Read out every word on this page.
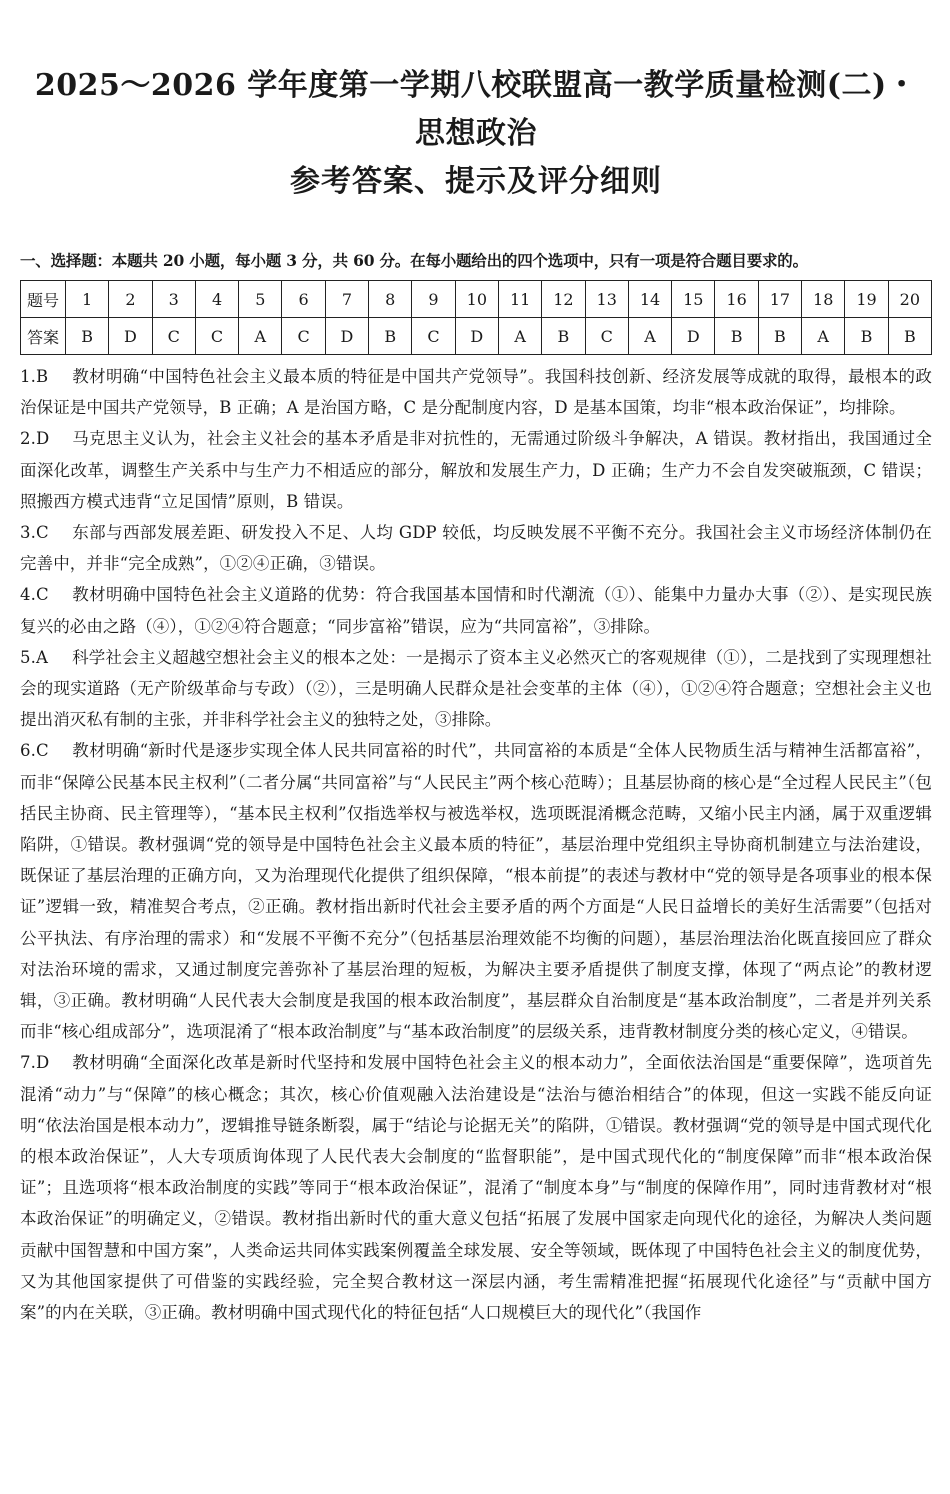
2025～2026 学年度第一学期八校联盟高一教学质量检测(二)・思想政治
参考答案、提示及评分细则
一、选择题：本题共 20 小题，每小题 3 分，共 60 分。在每小题给出的四个选项中，只有一项是符合题目要求的。
题号	1	2	3	4	5	6	7	8	9	10	11	12	13	14	15	16	17	18	19	20
答案	B	D	C	C	A	C	D	B	C	D	A	B	C	A	D	B	B	A	B	B
1.B 教材明确“中国特色社会主义最本质的特征是中国共产党领导”。我国科技创新、经济发展等成就的取得，最根本的政治保证是中国共产党领导，B 正确；A 是治国方略，C 是分配制度内容，D 是基本国策，均非“根本政治保证”，均排除。
2.D 马克思主义认为，社会主义社会的基本矛盾是非对抗性的，无需通过阶级斗争解决，A 错误。教材指出，我国通过全面深化改革，调整生产关系中与生产力不相适应的部分，解放和发展生产力，D 正确；生产力不会自发突破瓶颈，C 错误；照搬西方模式违背“立足国情”原则，B 错误。
3.C 东部与西部发展差距、研发投入不足、人均 GDP 较低，均反映发展不平衡不充分。我国社会主义市场经济体制仍在完善中，并非“完全成熟”，①②④正确，③错误。
4.C 教材明确中国特色社会主义道路的优势：符合我国基本国情和时代潮流（①）、能集中力量办大事（②）、是实现民族复兴的必由之路（④），①②④符合题意；“同步富裕”错误，应为“共同富裕”，③排除。
5.A 科学社会主义超越空想社会主义的根本之处：一是揭示了资本主义必然灭亡的客观规律（①），二是找到了实现理想社会的现实道路（无产阶级革命与专政）（②），三是明确人民群众是社会变革的主体（④），①②④符合题意；空想社会主义也提出消灭私有制的主张，并非科学社会主义的独特之处，③排除。
6.C 教材明确“新时代是逐步实现全体人民共同富裕的时代”，共同富裕的本质是“全体人民物质生活与精神生活都富裕”，而非“保障公民基本民主权利”（二者分属“共同富裕”与“人民民主”两个核心范畴）；且基层协商的核心是“全过程人民民主”（包括民主协商、民主管理等），“基本民主权利”仅指选举权与被选举权，选项既混淆概念范畴，又缩小民主内涵，属于双重逻辑陷阱，①错误。教材强调“党的领导是中国特色社会主义最本质的特征”，基层治理中党组织主导协商机制建立与法治建设，既保证了基层治理的正确方向，又为治理现代化提供了组织保障，“根本前提”的表述与教材中“党的领导是各项事业的根本保证”逻辑一致，精准契合考点，②正确。教材指出新时代社会主要矛盾的两个方面是“人民日益增长的美好生活需要”（包括对公平执法、有序治理的需求）和“发展不平衡不充分”（包括基层治理效能不均衡的问题），基层治理法治化既直接回应了群众对法治环境的需求，又通过制度完善弥补了基层治理的短板，为解决主要矛盾提供了制度支撑，体现了“两点论”的教材逻辑，③正确。教材明确“人民代表大会制度是我国的根本政治制度”，基层群众自治制度是“基本政治制度”，二者是并列关系而非“核心组成部分”，选项混淆了“根本政治制度”与“基本政治制度”的层级关系，违背教材制度分类的核心定义，④错误。
7.D 教材明确“全面深化改革是新时代坚持和发展中国特色社会主义的根本动力”，全面依法治国是“重要保障”，选项首先混淆“动力”与“保障”的核心概念；其次，核心价值观融入法治建设是“法治与德治相结合”的体现，但这一实践不能反向证明“依法治国是根本动力”，逻辑推导链条断裂，属于“结论与论据无关”的陷阱，①错误。教材强调“党的领导是中国式现代化的根本政治保证”，人大专项质询体现了人民代表大会制度的“监督职能”，是中国式现代化的“制度保障”而非“根本政治保证”；且选项将“根本政治制度的实践”等同于“根本政治保证”，混淆了“制度本身”与“制度的保障作用”，同时违背教材对“根本政治保证”的明确定义，②错误。教材指出新时代的重大意义包括“拓展了发展中国家走向现代化的途径，为解决人类问题贡献中国智慧和中国方案”，人类命运共同体实践案例覆盖全球发展、安全等领域，既体现了中国特色社会主义的制度优势，又为其他国家提供了可借鉴的实践经验，完全契合教材这一深层内涵，考生需精准把握“拓展现代化途径”与“贡献中国方案”的内在关联，③正确。教材明确中国式现代化的特征包括“人口规模巨大的现代化”（我国作
